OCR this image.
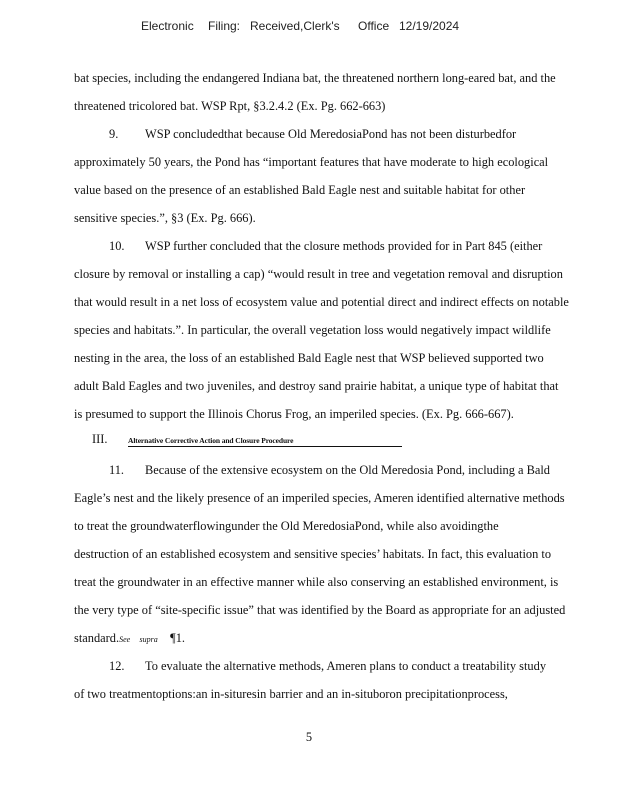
Electronic Filing: Received,Clerk's Office 12/19/2024
bat species, including the endangered Indiana bat, the threatened northern long-eared bat, and the
threatened tricolored bat. WSP Rpt, §3.2.4.2 (Ex. Pg. 662-663)
9. WSP concludedthat because Old MeredosiaPond has not been disturbedfor
approximately 50 years, the Pond has “important features that have moderate to high ecological
value based on the presence of an established Bald Eagle nest and suitable habitat for other
sensitive species.”, §3 (Ex. Pg. 666).
10. WSP further concluded that the closure methods provided for in Part 845 (either
closure by removal or installing a cap) “would result in tree and vegetation removal and disruption
that would result in a net loss of ecosystem value and potential direct and indirect effects on notable
species and habitats.”. In particular, the overall vegetation loss would negatively impact wildlife
nesting in the area, the loss of an established Bald Eagle nest that WSP believed supported two
adult Bald Eagles and two juveniles, and destroy sand prairie habitat, a unique type of habitat that
is presumed to support the Illinois Chorus Frog, an imperiled species. (Ex. Pg. 666-667).
11. Because of the extensive ecosystem on the Old Meredosia Pond, including a Bald
Eagle’s nest and the likely presence of an imperiled species, Ameren identified alternative methods
to treat the groundwaterflowingunder the Old MeredosiaPond, while also avoidingthe
destruction of an established ecosystem and sensitive species’ habitats. In fact, this evaluation to
treat the groundwater in an effective manner while also conserving an established environment, is
the very type of “site-specific issue” that was identified by the Board as appropriate for an adjusted
standard.See supra ¶1.
12. To evaluate the alternative methods, Ameren plans to conduct a treatability study
of two treatmentoptions:an in-situresin barrier and an in-situboron precipitationprocess,
III.	Alternative Corrective Action and Closure Procedure
5
